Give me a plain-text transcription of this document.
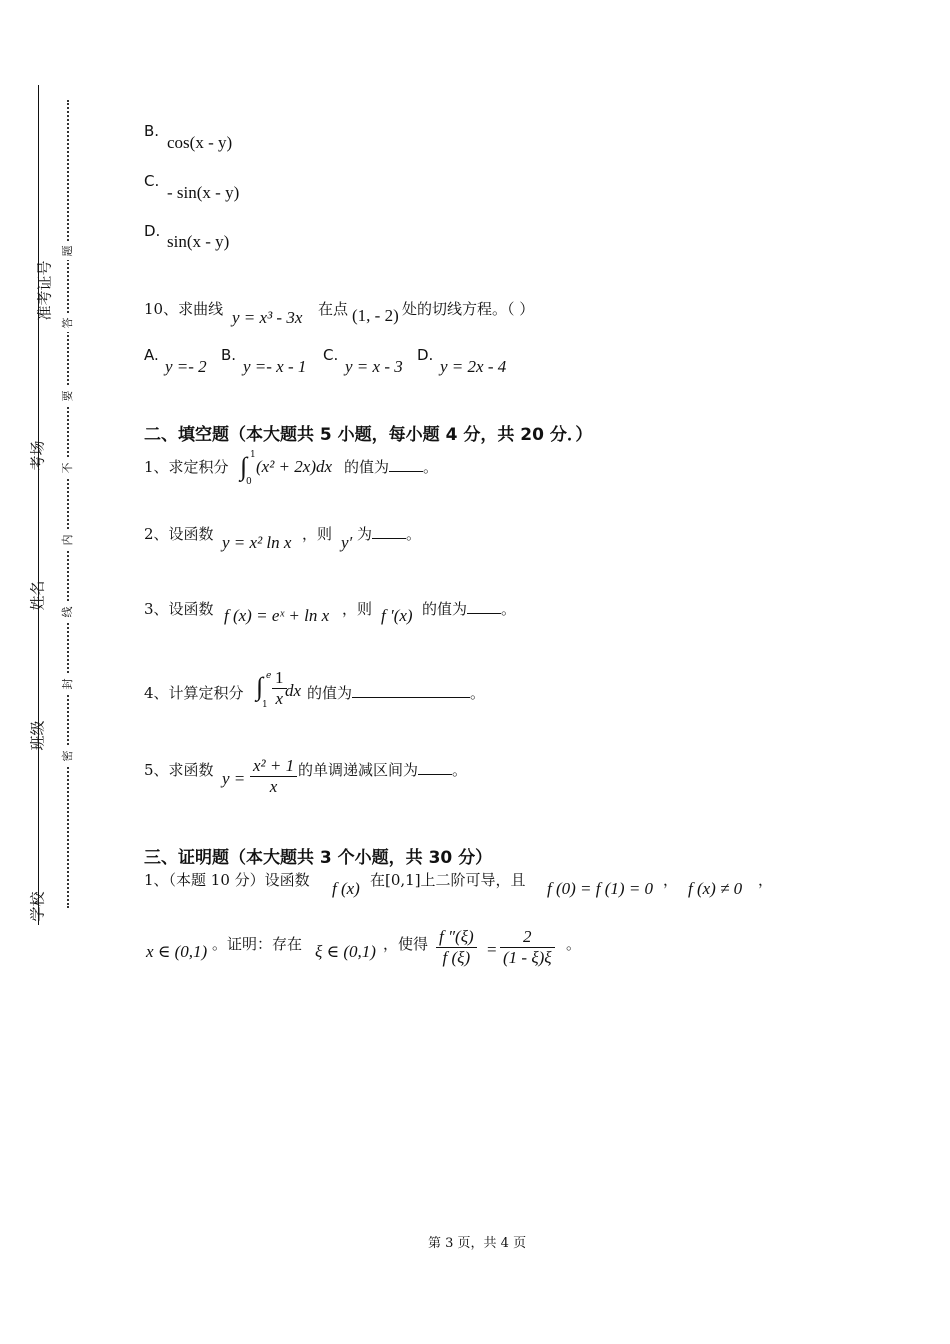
准考证号
考场
姓名
班级
学校
题
答
要
不
内
线
封
密
B.
cos(x - y)
C.
- sin(x - y)
D.
sin(x - y)
10、求曲线 y = x³ - 3x 在点 (1, - 2) 处的切线方程。（ ）
A.
y =- 2
B.
y =- x - 1
C.
y = x - 3
D.
y = 2x - 4
二、填空题（本大题共 5 小题，每小题 4 分，共 20 分．）
1、求定积分 ∫ 1
0
(x² + 2x)dx 的值为 。
2、设函数 y = x² ln x ，则 y′ 为 。
3、设函数 f (x) = eˣ + ln x ，则 f ′(x) 的值为 。
4、计算定积分 ∫ e
$1 \frac{1}{x}$
dx 的值为	。
5、求函数 $y = \frac{\text{x² + 1}}{x}$ 的单调递减区间为 。
三、证明题（本大题共 3 个小题，共 30 分）
1、（本题 10 分）设函数 f (x) 在[0,1]上二阶可导，且 f (0) = f (1) = 0 ， f (x) ≠ 0 ，
x ∈ (0,1) 。证明：存在 ξ ∈ (0,1) ，使得 $\frac{f ''(\xi)}{f (\xi)} = \frac{2}{(1 - \xi)\xi}$ 。
第 3 页，共 4 页
